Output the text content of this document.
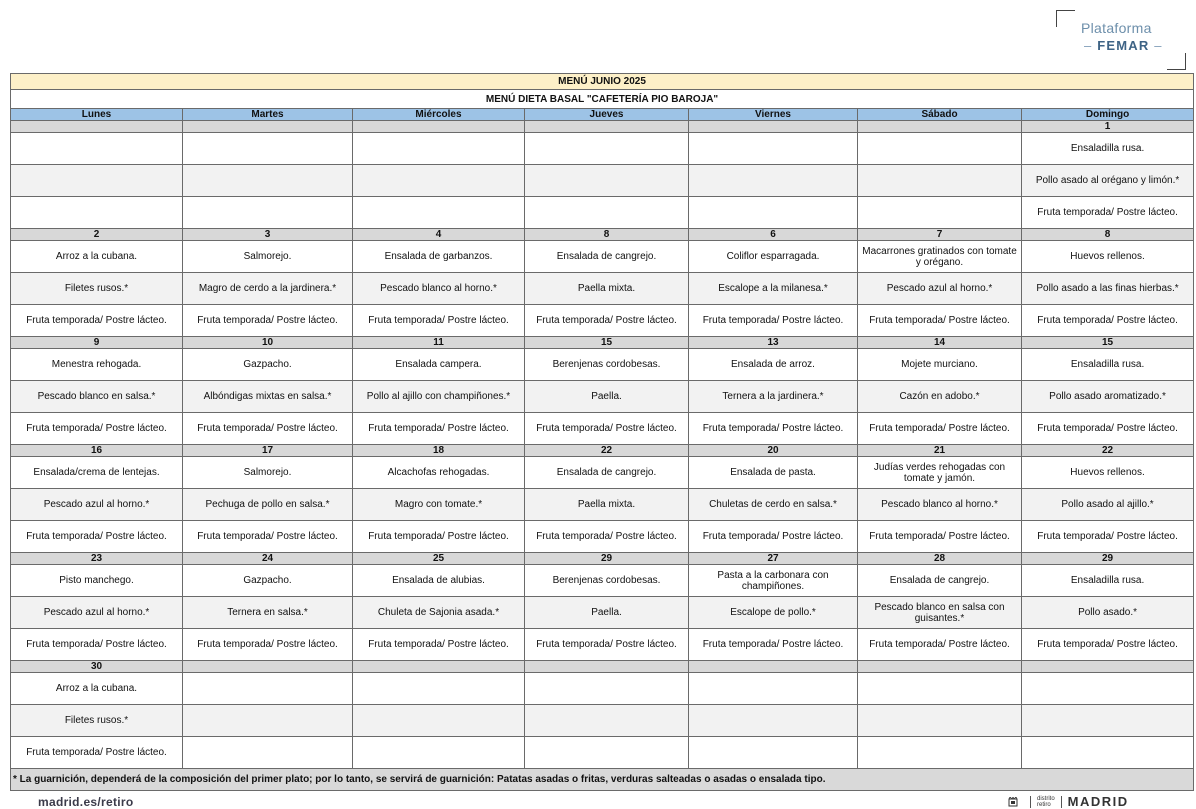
Plataforma
– FEMAR –
MENÚ JUNIO 2025						
MENÚ DIETA BASAL "CAFETERÍA PIO BAROJA"						
Lunes	Martes	Miércoles	Jueves	Viernes	Sábado	Domingo
						1
						Ensaladilla rusa.
						Pollo asado al orégano y limón.*
						Fruta temporada/ Postre lácteo.
2	3	4	8	6	7	8
Arroz a la cubana.	Salmorejo.	Ensalada de garbanzos.	Ensalada de cangrejo.	Coliflor esparragada.	Macarrones gratinados con tomate y orégano.	Huevos rellenos.
Filetes rusos.*	Magro de cerdo a la jardinera.*	Pescado blanco al horno.*	Paella mixta.	Escalope a la milanesa.*	Pescado azul al horno.*	Pollo asado a las finas hierbas.*
Fruta temporada/ Postre lácteo.	Fruta temporada/ Postre lácteo.	Fruta temporada/ Postre lácteo.	Fruta temporada/ Postre lácteo.	Fruta temporada/ Postre lácteo.	Fruta temporada/ Postre lácteo.	Fruta temporada/ Postre lácteo.
9	10	11	15	13	14	15
Menestra rehogada.	Gazpacho.	Ensalada campera.	Berenjenas cordobesas.	Ensalada de arroz.	Mojete murciano.	Ensaladilla rusa.
Pescado blanco en salsa.*	Albóndigas mixtas en salsa.*	Pollo al ajillo con champiñones.*	Paella.	Ternera a la jardinera.*	Cazón en adobo.*	Pollo asado aromatizado.*
Fruta temporada/ Postre lácteo.	Fruta temporada/ Postre lácteo.	Fruta temporada/ Postre lácteo.	Fruta temporada/ Postre lácteo.	Fruta temporada/ Postre lácteo.	Fruta temporada/ Postre lácteo.	Fruta temporada/ Postre lácteo.
16	17	18	22	20	21	22
Ensalada/crema de lentejas.	Salmorejo.	Alcachofas rehogadas.	Ensalada de cangrejo.	Ensalada de pasta.	Judías verdes rehogadas con tomate y jamón.	Huevos rellenos.
Pescado azul al horno.*	Pechuga de pollo en salsa.*	Magro con tomate.*	Paella mixta.	Chuletas de cerdo en salsa.*	Pescado blanco al horno.*	Pollo asado al ajillo.*
Fruta temporada/ Postre lácteo.	Fruta temporada/ Postre lácteo.	Fruta temporada/ Postre lácteo.	Fruta temporada/ Postre lácteo.	Fruta temporada/ Postre lácteo.	Fruta temporada/ Postre lácteo.	Fruta temporada/ Postre lácteo.
23	24	25	29	27	28	29
Pisto manchego.	Gazpacho.	Ensalada de alubias.	Berenjenas cordobesas.	Pasta a la carbonara con champiñones.	Ensalada de cangrejo.	Ensaladilla rusa.
Pescado azul al horno.*	Ternera en salsa.*	Chuleta de Sajonia asada.*	Paella.	Escalope de pollo.*	Pescado blanco en salsa con guisantes.*	Pollo asado.*
Fruta temporada/ Postre lácteo.	Fruta temporada/ Postre lácteo.	Fruta temporada/ Postre lácteo.	Fruta temporada/ Postre lácteo.	Fruta temporada/ Postre lácteo.	Fruta temporada/ Postre lácteo.	Fruta temporada/ Postre lácteo.
30						
Arroz a la cubana.						
Filetes rusos.*						
Fruta temporada/ Postre lácteo.						
* La guarnición, dependerá de la composición del primer plato; por lo tanto, se servirá de guarnición: Patatas asadas o fritas, verduras salteadas o asadas o ensalada tipo.						
madrid.es/retiro	distrito
retiro	MADRID
